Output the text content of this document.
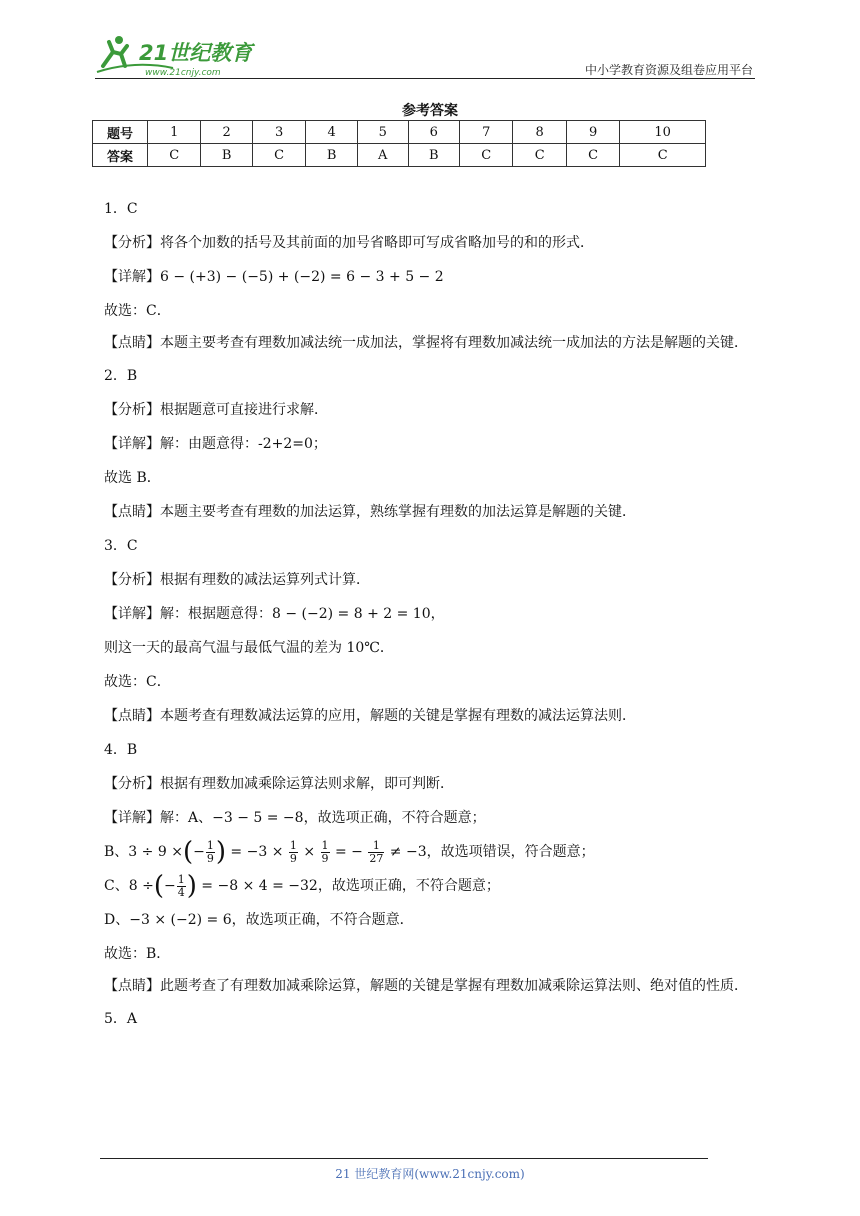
21世纪教育
www.21cnjy.com	中小学教育资源及组卷应用平台
参考答案
题号	1	2	3	4	5	6	7	8	9	10
答案	C	B	C	B	A	B	C	C	C	C

1．C

【分析】将各个加数的括号及其前面的加号省略即可写成省略加号的和的形式．

【详解】6 − (+3) − (−5) + (−2) = 6 − 3 + 5 − 2

故选：C．

【点睛】本题主要考查有理数加减法统一成加法，掌握将有理数加减法统一成加法的方法是解题的关键．

2．B

【分析】根据题意可直接进行求解．

【详解】解：由题意得：-2+2=0；

故选 B．

【点睛】本题主要考查有理数的加法运算，熟练掌握有理数的加法运算是解题的关键．

3．C

【分析】根据有理数的减法运算列式计算．

【详解】解：根据题意得：8 − (−2) = 8 + 2 = 10，

则这一天的最高气温与最低气温的差为 10℃．

故选：C．

【点睛】本题考查有理数减法运算的应用，解题的关键是掌握有理数的减法运算法则．

4．B

【分析】根据有理数加减乘除运算法则求解，即可判断．

【详解】解：A、−3 − 5 = −8，故选项正确，不符合题意；

B、3 ÷ 9 ×(− $\frac{1}{9}$ ) = $-3 \times \frac{1}{9} \times \frac{1}{9}$ = − $\frac{1}{27} \ne -3$，故选项错误，符合题意；

C、8 ÷(− $\frac{1}{4}$ ) = −8 × 4 = −32，故选项正确，不符合题意；

D、−3 × (−2) = 6，故选项正确，不符合题意．

故选：B．

【点睛】此题考查了有理数加减乘除运算，解题的关键是掌握有理数加减乘除运算法则、绝对值的性质．

5．A

21 世纪教育网(www.21cnjy.com)
